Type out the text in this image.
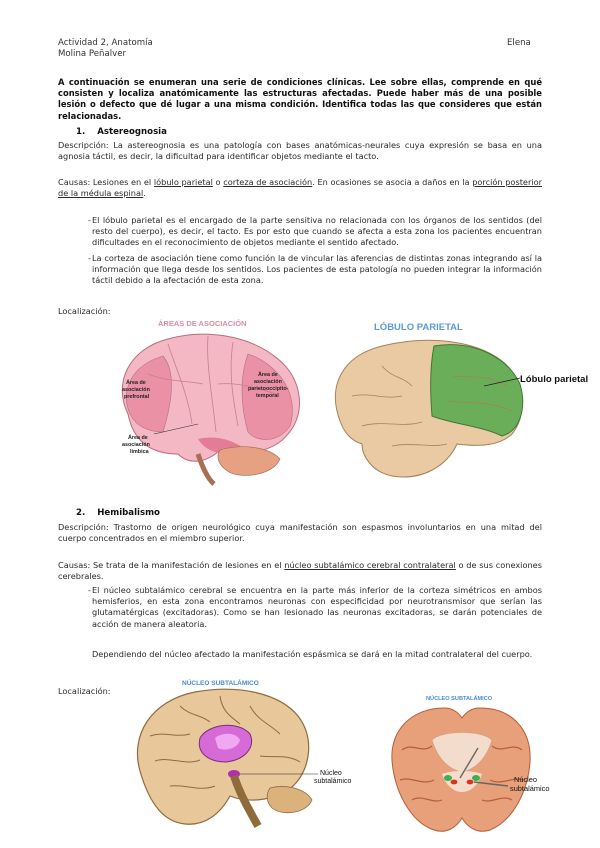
Actividad 2, Anatomía
Molina Peñalver
Elena
A continuación se enumeran una serie de condiciones clínicas. Lee sobre ellas, comprende en qué consisten y localiza anatómicamente las estructuras afectadas. Puede haber más de una posible lesión o defecto que dé lugar a una misma condición. Identifica todas las que consideres que están relacionadas.
1. Astereognosia
Descripción: La astereognosia es una patología con bases anatómicas-neurales cuya expresión se basa en una agnosia táctil, es decir, la dificultad para identificar objetos mediante el tacto.
Causas: Lesiones en el lóbulo parietal o corteza de asociación. En ocasiones se asocia a daños en la porción posterior de la médula espinal.
- El lóbulo parietal es el encargado de la parte sensitiva no relacionada con los órganos de los sentidos (del resto del cuerpo), es decir, el tacto. Es por esto que cuando se afecta a esta zona los pacientes encuentran dificultades en el reconocimiento de objetos mediante el sentido afectado.
- La corteza de asociación tiene como función la de vincular las aferencias de distintas zonas integrando así la información que llega desde los sentidos. Los pacientes de esta patología no pueden integrar la información táctil debido a la afectación de esta zona.
Localización:
ÁREAS DE ASOCIACIÓN
Área de asociación prefrontal
Área de asociación parietooccipito- temporal
Área de asociación límbica
LÓBULO PARIETAL
Lóbulo parietal
2. Hemibalismo
Descripción: Trastorno de origen neurológico cuya manifestación son espasmos involuntarios en una mitad del cuerpo concentrados en el miembro superior.
Causas: Se trata de la manifestación de lesiones en el núcleo subtalámico cerebral contralateral o de sus conexiones cerebrales.
- El núcleo subtalámico cerebral se encuentra en la parte más inferior de la corteza simétricos en ambos hemisferios, en esta zona encontramos neuronas con especificidad por neurotransmisor que serían las glutamatérgicas (excitadoras). Como se han lesionado las neuronas excitadoras, se darán potenciales de acción de manera aleatoria.
Dependiendo del núcleo afectado la manifestación espásmica se dará en la mitad contralateral del cuerpo.
Localización:
NÚCLEO SUBTALÁMICO
Núcleo subtalámico
NÚCLEO SUBTALÁMICO
Núcleo subtalámico
